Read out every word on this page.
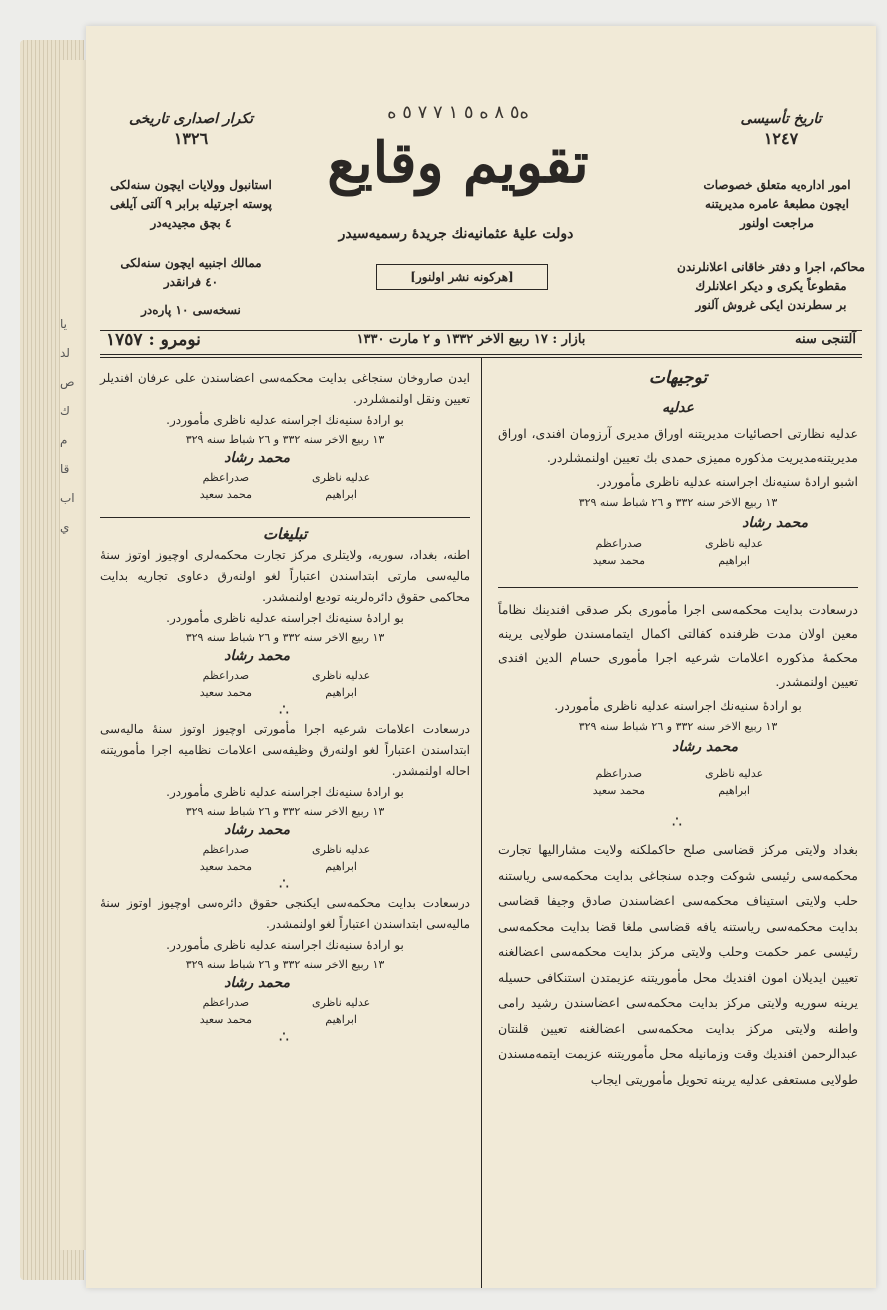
يا
لد
ص
ك
م
قا
اب
ي
تاريخ تأسيسى
١٢٤٧
امور اداره‌يه متعلق خصوصات
ايچون مطبعهٔ عامره مديريتنه
مراجعت اولنور
محاكم، اجرا و دفتر خاقانى اعلانلرندن
مقطوعاً يكرى و ديكر اعلانلرك
بر سطرندن ايكى غروش آلنور
تكرار اصدارى تاريخى
١٣٢٦
استانبول وولايات ايچون سنه‌لكى
پوسته اجرتيله برابر ٩ آلتى آيلغى
٤ بچق مجيديه‌در
ممالك اجنبيه ايچون سنه‌لكى
٤٠ فرانقدر
نسخه‌سى ١٠ پاره‌در
ه٥ ٨ ه ٥ ١ ٧ ٧ ٥ ه
تقويم وقايع
دولت عليهٔ عثمانيه‌نك جريدهٔ رسميه‌سيدر
[هركونه نشر اولنور]
آلتنجى سنه
بازار : ١٧ ربيع الاخر ١٣٣٢ و ٢ مارت ١٣٣٠
نومرو : ١٧٥٧
توجيهات
عدليه

عدليه نظارتى احصائيات مديريتنه اوراق مديرى آرزومان افندى، اوراق مديريتنه‌مديريت مذكوره مميزى حمدى بك تعيين اولنمشلردر.

اشبو ارادهٔ سنيه‌نك اجراسنه عدليه ناظرى مأموردر.

١٣ ربيع الاخر سنه ٣٣٢ و ٢٦ شباط سنه ٣٢٩

محمد رشاد

عدليه ناظرى
ابراهيم
صدراعظم
محمد سعيد

درسعادت بدايت محكمه‌سى اجرا مأمورى بكر صدقى افندينك نظاماً معين اولان مدت ظرفنده كفالتى اكمال ايتمامسندن طولايى يرينه محكمهٔ مذكوره اعلامات شرعيه اجرا مأمورى حسام الدين افندى تعيين اولنمشدر.

بو ارادهٔ سنيه‌نك اجراسنه عدليه ناظرى مأموردر.

١٣ ربيع الاخر سنه ٣٣٢ و ٢٦ شباط سنه ٣٢٩

محمد رشاد

عدليه ناظرى
ابراهيم
صدراعظم
محمد سعيد
∴

بغداد ولايتى مركز قضاسى صلح حاكملكنه ولايت مشاراليها تجارت محكمه‌سى رئيسى شوكت وجده سنجاغى بدايت محكمه‌سى رياستنه حلب ولايتى استيناف محكمه‌سى اعضاسندن صادق وجيفا قضاسى بدايت محكمه‌سى رياستنه يافه قضاسى ملغا قضا بدايت محكمه‌سى رئيسى عمر حكمت وحلب ولايتى مركز بدايت محكمه‌سى اعضالغنه تعيين ايديلان امون افنديك محل مأموريتنه عزيمتدن استنكافى حسيله يرينه سوريه ولايتى مركز بدايت محكمه‌سى اعضاسندن رشيد رامى واطنه ولايتى مركز بدايت محكمه‌سى اعضالغنه تعيين قلنتان عبدالرحمن افنديك وقت وزمانيله محل مأموريتنه عزيمت ايتمه‌مسندن طولايى مستعفى عدليه يرينه تحويل مأموريتى ايجاب

ايدن صاروخان سنجاغى بدايت محكمه‌سى اعضاسندن على عرفان افنديلر تعيين ونقل اولنمشلردر.

بو ارادهٔ سنيه‌نك اجراسنه عدليه ناظرى مأموردر.

١٣ ربيع الاخر سنه ٣٣٢ و ٢٦ شباط سنه ٣٢٩

محمد رشاد

عدليه ناظرى
ابراهيم
صدراعظم
محمد سعيد
تبليغات

اطنه، بغداد، سوريه، ولايتلرى مركز تجارت محكمه‌لرى اوچيوز اوتوز سنهٔ ماليه‌سى مارتى ابتداسندن اعتباراً لغو اولنه‌رق دعاوى تجاريه بدايت محاكمى حقوق دائره‌لرينه توديع اولنمشدر.

بو ارادهٔ سنيه‌نك اجراسنه عدليه ناظرى مأموردر.

١٣ ربيع الاخر سنه ٣٣٢ و ٢٦ شباط سنه ٣٢٩

محمد رشاد

عدليه ناظرى
ابراهيم
صدراعظم
محمد سعيد
∴

درسعادت اعلامات شرعيه اجرا مأمورتى اوچيوز اوتوز سنهٔ ماليه‌سى ابتداسندن اعتباراً لغو اولنه‌رق وظيفه‌سى اعلامات نظاميه اجرا مأموريتنه احاله اولنمشدر.

بو ارادهٔ سنيه‌نك اجراسنه عدليه ناظرى مأموردر.

١٣ ربيع الاخر سنه ٣٣٢ و ٢٦ شباط سنه ٣٢٩

محمد رشاد

عدليه ناظرى
ابراهيم
صدراعظم
محمد سعيد
∴

درسعادت بدايت محكمه‌سى ايكنجى حقوق دائره‌سى اوچيوز اوتوز سنهٔ ماليه‌سى ابتداسندن اعتباراً لغو اولنمشدر.

بو ارادهٔ سنيه‌نك اجراسنه عدليه ناظرى مأموردر.

١٣ ربيع الاخر سنه ٣٣٢ و ٢٦ شباط سنه ٣٢٩

محمد رشاد

عدليه ناظرى
ابراهيم
صدراعظم
محمد سعيد
∴
